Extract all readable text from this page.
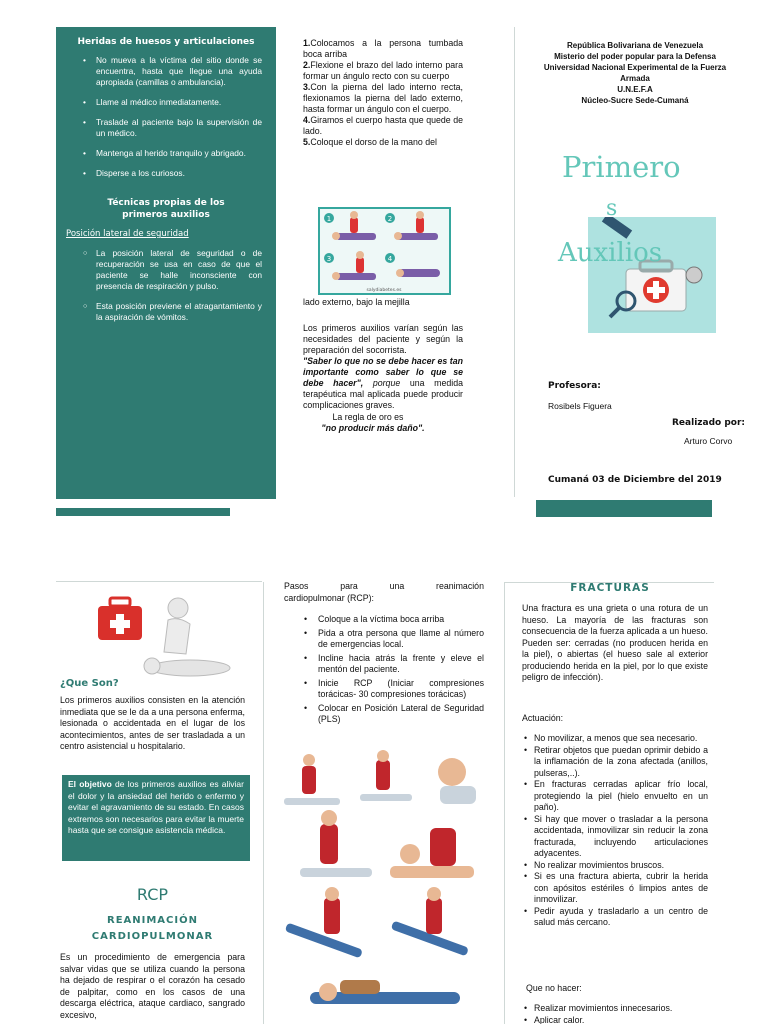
Heridas de huesos y articulaciones
• No mueva a la víctima del sitio donde se encuentra, hasta que llegue una ayuda apropiada (camillas o ambulancia).
• Llame al médico inmediatamente.
• Traslade al paciente bajo la supervisión de un médico.
• Mantenga al herido tranquilo y abrigado.
• Disperse a los curiosos.
Técnicas propias de los primeros auxilios
Posición lateral de seguridad
○ La posición lateral de seguridad o de recuperación se usa en caso de que el paciente se halle inconsciente con presencia de respiración y pulso.
○ Esta posición previene el atragantamiento y la aspiración de vómitos.

1.Colocamos a la persona tumbada boca arriba

2.Flexione el brazo del lado interno para formar un ángulo recto con su cuerpo

3.Con la pierna del lado interno recta, flexionamos la pierna del lado externo, hasta formar un ángulo con el cuerpo.

4.Giramos el cuerpo hasta que quede de lado.

5.Coloque el dorso de la mano del

1	2
3	4
salydiabetes.es

lado externo, bajo la mejilla

Los primeros auxilios varían según las necesidades del paciente y según la preparación del socorrista.

"Saber lo que no se debe hacer es tan importante como saber lo que se debe hacer", porque una medida terapéutica mal aplicada puede producir complicaciones graves.

La regla de oro es

"no producir más daño".

República Bolivariana de Venezuela
Misterio del poder popular para la Defensa
Universidad Nacional Experimental de la Fuerza Armada
U.N.E.F.A
Núcleo-Sucre Sede-Cumaná
Primero
s
Auxilios
Profesora:
Rosibels Figuera
Realizado por:
Arturo Corvo
Cumaná 03 de Diciembre del 2019
¿Que Son?
Los primeros auxilios consisten en la atención inmediata que se le da a una persona enferma, lesionada o accidentada en el lugar de los acontecimientos, antes de ser trasladada a un centro asistencial u hospitalario.
El objetivo de los primeros auxilios es aliviar el dolor y la ansiedad del herido o enfermo y evitar el agravamiento de su estado. En casos extremos son necesarios para evitar la muerte hasta que se consigue asistencia médica.
RCP
REANIMACIÓN CARDIOPULMONAR
Es un procedimiento de emergencia para salvar vidas que se utiliza cuando la persona ha dejado de respirar o el corazón ha cesado de palpitar, como en los casos de una descarga eléctrica, ataque cardiaco, sangrado excesivo,
Pasos	para	una	reanimación
cardiopulmonar (RCP):
• Coloque a la víctima boca arriba
• Pida a otra persona que llame al número de emergencias local.
• Incline hacia atrás la frente y eleve el mentón del paciente.
• Inicie RCP (Iniciar compresiones torácicas- 30 compresiones torácicas)
• Colocar en Posición Lateral de Seguridad (PLS)
FRACTURAS
Una fractura es una grieta o una rotura de un hueso. La mayoría de las fracturas son consecuencia de la fuerza aplicada a un hueso. Pueden ser: cerradas (no producen herida en la piel), o abiertas (el hueso sale al exterior produciendo herida en la piel, por lo que existe peligro de infección).
Actuación:
• No movilizar, a menos que sea necesario.
• Retirar objetos que puedan oprimir debido a la inflamación de la zona afectada (anillos, pulseras,..).
• En fracturas cerradas aplicar frío local, protegiendo la piel (hielo envuelto en un paño).
• Si hay que mover o trasladar a la persona accidentada, inmovilizar sin reducir la zona fracturada, incluyendo articulaciones adyacentes.
• No realizar movimientos bruscos.
• Si es una fractura abierta, cubrir la herida con apósitos estériles ó limpios antes de inmovilizar.
• Pedir ayuda y trasladarlo a un centro de salud más cercano.
Que no hacer:
• Realizar movimientos innecesarios.
• Aplicar calor.
